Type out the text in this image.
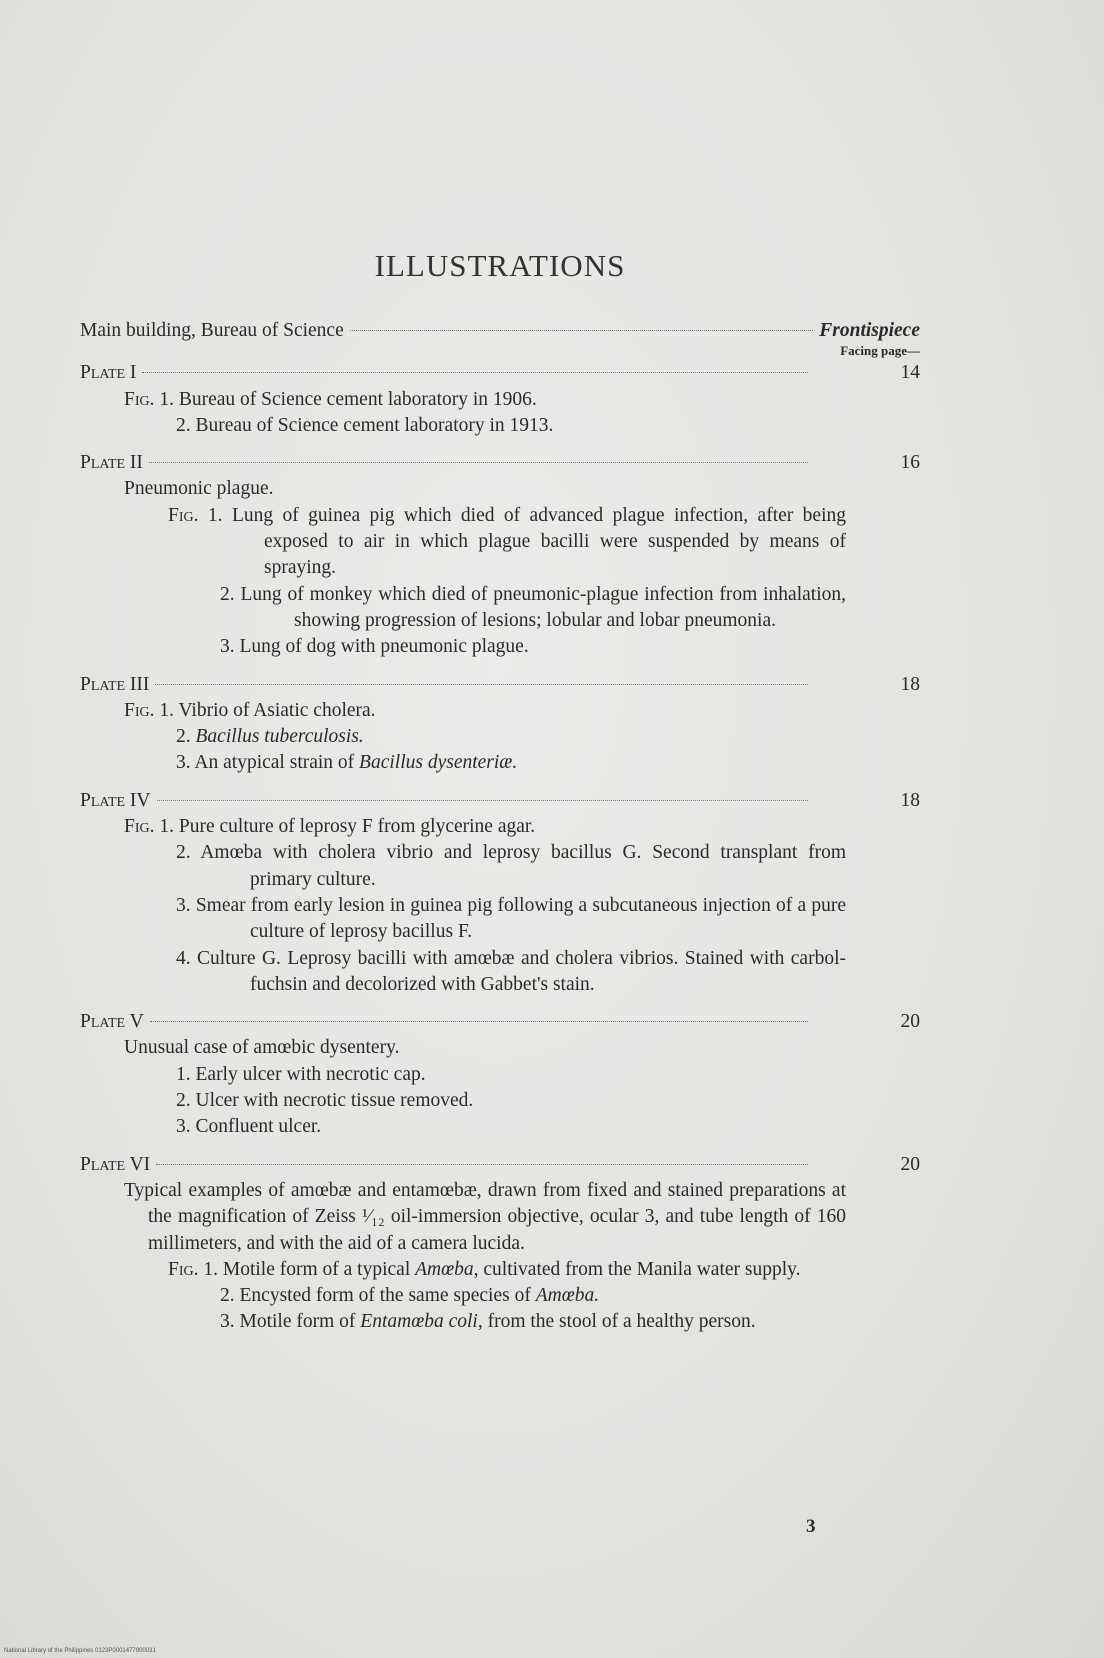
ILLUSTRATIONS
Main building, Bureau of Science	Frontispiece
Facing page—
Plate I	14

Fig. 1. Bureau of Science cement laboratory in 1906.

2. Bureau of Science cement laboratory in 1913.

Plate II	16

Pneumonic plague.

Fig. 1. Lung of guinea pig which died of advanced plague infection, after being exposed to air in which plague bacilli were suspended by means of spraying.

2. Lung of monkey which died of pneumonic-plague infection from inhalation, showing progression of lesions; lobular and lobar pneumonia.

3. Lung of dog with pneumonic plague.

Plate III	18

Fig. 1. Vibrio of Asiatic cholera.

2. Bacillus tuberculosis.

3. An atypical strain of Bacillus dysenteriæ.

Plate IV	18

Fig. 1. Pure culture of leprosy F from glycerine agar.

2. Amœba with cholera vibrio and leprosy bacillus G. Second transplant from primary culture.

3. Smear from early lesion in guinea pig following a subcutaneous injection of a pure culture of leprosy bacillus F.

4. Culture G. Leprosy bacilli with amœbæ and cholera vibrios. Stained with carbol-fuchsin and decolorized with Gabbet's stain.

Plate V	20

Unusual case of amœbic dysentery.

1. Early ulcer with necrotic cap.

2. Ulcer with necrotic tissue removed.

3. Confluent ulcer.

Plate VI	20

Typical examples of amœbæ and entamœbæ, drawn from fixed and stained preparations at the magnification of Zeiss ¹⁄₁₂ oil-immersion objective, ocular 3, and tube length of 160 millimeters, and with the aid of a camera lucida.

Fig. 1. Motile form of a typical Amœba, cultivated from the Manila water supply.

2. Encysted form of the same species of Amœba.

3. Motile form of Entamœba coli, from the stool of a healthy person.

3
National Library of the Philippines 0123P0001477900031
